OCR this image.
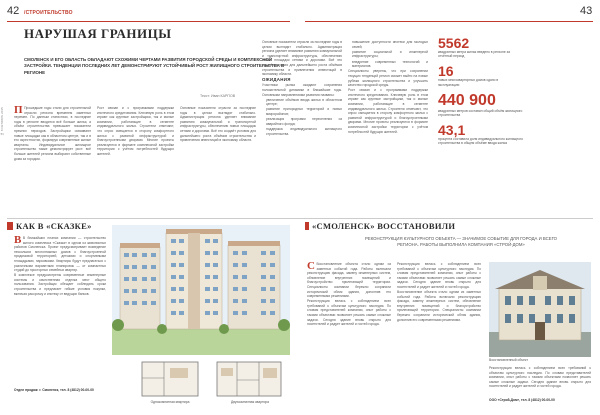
42 /СТРОИТЕЛЬСТВО	43
№ 8 ОКТЯБРЬ 2015
НАРУШАЯ ГРАНИЦЫ
СМОЛЕНСК И ЕГО ОБЛАСТЬ ОБЛАДАЮТ СХОЖИМИ ЧЕРТАМИ РАЗВИТИЯ ГОРОДСКОЙ СРЕДЫ И КОМПЛЕКСНОЙ ЗАСТРОЙКИ. ТЕНДЕНЦИИ ПОСЛЕДНИХ ЛЕТ ДЕМОНСТРИРУЮТ УСТОЙЧИВЫЙ РОСТ ЖИЛИЩНОГО СТРОИТЕЛЬСТВА В РЕГИОНЕ
Текст: Иван КАРПОВ

П Прошедшие годы стали для строительной отрасли региона временем заметных перемен. По данным статистики, в последние годы в регионе вводится всё больше жилья, а объём строительства превышает показатели прежних периодов. Застройщики осваивают новые площадки как в областном центре, так и в его окрестностях, формируя современные жилые кварталы. Индивидуальное жилищное строительство также демонстрирует рост: всё больше жителей региона выбирают собственные дома за городом.

Рост связан и с программами поддержки ипотечного кредитования. Ключевую роль в этом играют как крупные застройщики, так и малые компании, работающие в сегменте индивидуального жилья. Строители отмечают, что спрос смещается в сторону комфортного жилья с развитой инфраструктурой и благоустроенными дворами. Многие проекты реализуются в формате комплексной застройки территории с учётом потребностей будущих жителей.

Основные показатели отрасли за последние годы в целом выглядят стабильно. Администрация региона уделяет внимание развитию коммунальной и транспортной инфраструктуры, обеспечению новых площадок сетями и дорогами. Всё это создаёт условия для дальнейшего роста объёмов строительства и привлечения инвестиций в экономику области.

Основные показатели отрасли за последние годы в целом выглядят стабильно. Администрация региона уделяет внимание развитию коммунальной и транспортной инфраструктуры, обеспечению новых площадок сетями и дорогами. Всё это создаёт условия для дальнейшего роста объёмов строительства и привлечения инвестиций в экономику области.

ОЖИДАНИЯ

Участники рынка ожидают сохранения положительной динамики в ближайшие годы. Основными направлениями развития названы:

• увеличение объёмов ввода жилья в областном центре;
• развитие пригородных территорий и новых микрорайонов;
• реализация программ переселения из аварийного фонда;
• поддержка индивидуального жилищного строительства.
• повышение доступности ипотеки для молодых семей;
• развитие социальной и инженерной инфраструктуры;
• внедрение современных технологий и материалов.

Специалисты уверены, что при сохранении текущих тенденций регион сможет выйти на новые рубежи жилищного строительства и улучшить качество городской среды.

Рост связан и с программами поддержки ипотечного кредитования. Ключевую роль в этом играют как крупные застройщики, так и малые компании, работающие в сегменте индивидуального жилья. Строители отмечают, что спрос смещается в сторону комфортного жилья с развитой инфраструктурой и благоустроенными дворами. Многие проекты реализуются в формате комплексной застройки территории с учётом потребностей будущих жителей.

5562
квадратных метра жилья введено в регионе за отчётный период
16
новых многоквартирных домов сдано в эксплуатацию
440 900
квадратных метров составил общий объём жилищного строительства
43,1
процента составила доля индивидуального жилищного строительства в общем объёме ввода жилья
КАК В «СКАЗКЕ»

В В ближайших планах компании — строительство жилого комплекса «Сказка» в одном из живописных районов Смоленска. Проект предусматривает возведение нескольких многоэтажных домов с благоустроенной придомовой территорией, детскими и спортивными площадками, парковками. Квартиры будут предлагаться с различными вариантами планировок — от компактных студий до просторных семейных квартир.

В комплексе предусмотрены современные инженерные системы и качественная отделка мест общего пользования. Застройщик обещает соблюдать сроки строительства и предлагает гибкие условия покупки, включая рассрочку и ипотеку от ведущих банков.

Отдел продаж: г. Смоленск, тел. 8 (4812) 00-00-00
Однокомнатная квартира	Двухкомнатная квартира
«СМОЛЕНСК» ВОССТАНОВИЛИ
РЕКОНСТРУКЦИЯ КУЛЬТУРНОГО ОБЪЕКТА — ЗНАЧИМОЕ СОБЫТИЕ ДЛЯ ГОРОДА И ВСЕГО РЕГИОНА. РАБОТЫ ВЫПОЛНИЛА КОМПАНИЯ «СТРОЙ-ДОМ»

С Восстановление объекта стало одним из заметных событий года. Работы включали реконструкцию фасада, замену инженерных систем, обновление внутренних помещений и благоустройство прилегающей территории. Специалисты компании бережно сохранили исторический облик здания, дополнив его современными решениями.

Реконструкция велась с соблюдением всех требований к объектам культурного наследия. По словам представителей компании, опыт работы с такими объектами позволяет решать самые сложные задачи. Сегодня здание вновь открыто для посетителей и радует жителей и гостей города.

Реконструкция велась с соблюдением всех требований к объектам культурного наследия. По словам представителей компании, опыт работы с такими объектами позволяет решать самые сложные задачи. Сегодня здание вновь открыто для посетителей и радует жителей и гостей города.

Восстановление объекта стало одним из заметных событий года. Работы включали реконструкцию фасада, замену инженерных систем, обновление внутренних помещений и благоустройство прилегающей территории. Специалисты компании бережно сохранили исторический облик здания, дополнив его современными решениями.

Восстановленный объект

Реконструкция велась с соблюдением всех требований к объектам культурного наследия. По словам представителей компании, опыт работы с такими объектами позволяет решать самые сложные задачи. Сегодня здание вновь открыто для посетителей и радует жителей и гостей города.

ООО «Строй-Дом», тел. 8 (4812) 00-00-00
